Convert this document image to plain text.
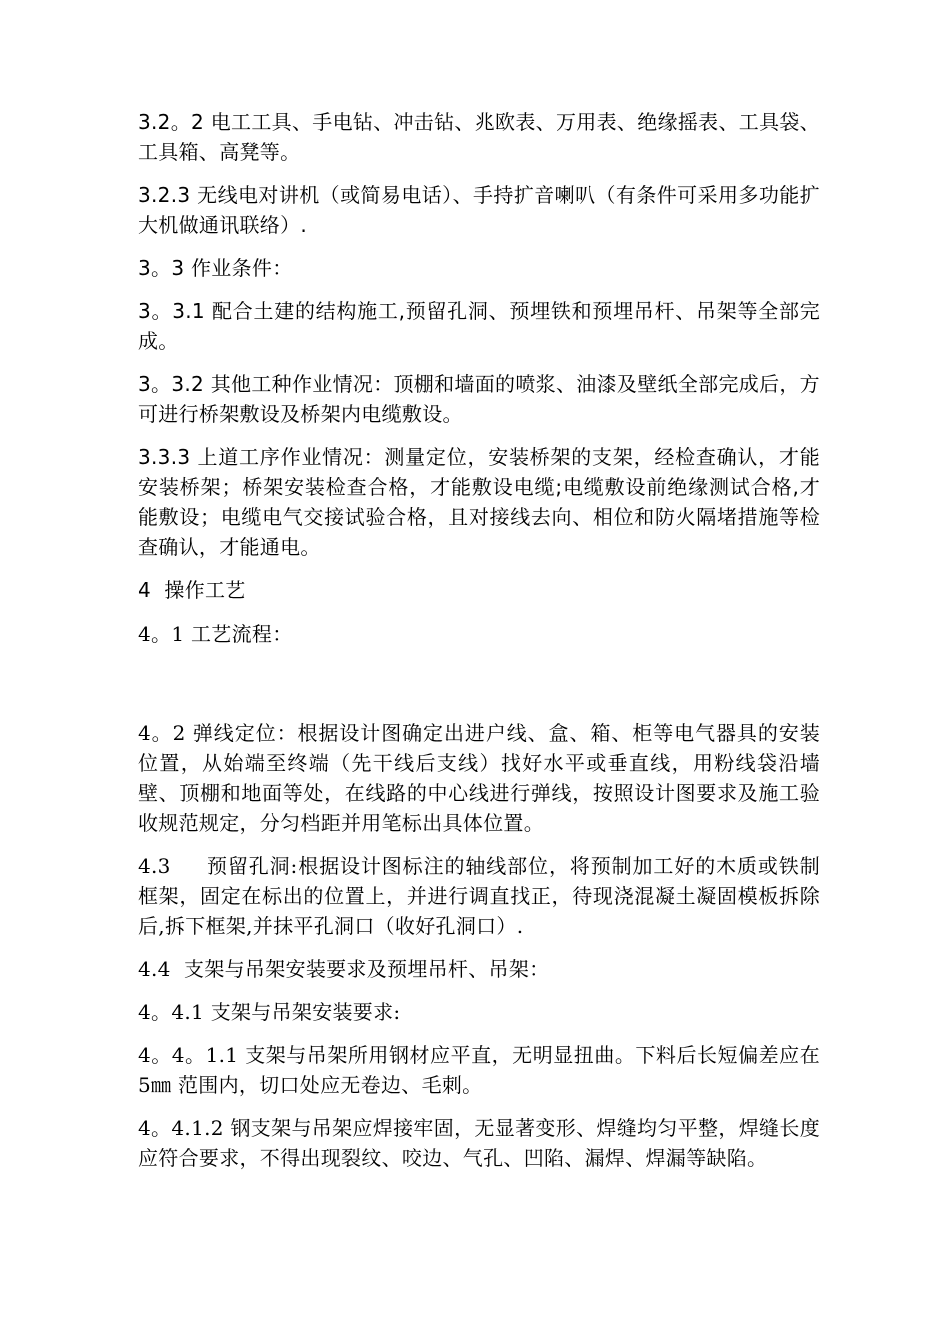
3.2。2 电工工具、手电钻、冲击钻、兆欧表、万用表、绝缘摇表、工具袋、工具箱、高凳等。

3.2.3 无线电对讲机（或简易电话）、手持扩音喇叭（有条件可采用多功能扩大机做通讯联络）.

3。3 作业条件：

3。3.1 配合土建的结构施工,预留孔洞、预埋铁和预埋吊杆、吊架等全部完成。

3。3.2 其他工种作业情况：顶棚和墙面的喷浆、油漆及壁纸全部完成后，方可进行桥架敷设及桥架内电缆敷设。

3.3.3 上道工序作业情况：测量定位，安装桥架的支架，经检查确认，才能安装桥架；桥架安装检查合格，才能敷设电缆;电缆敷设前绝缘测试合格,才能敷设；电缆电气交接试验合格，且对接线去向、相位和防火隔堵措施等检查确认，才能通电。

4  操作工艺

4。1 工艺流程：

4。2 弹线定位：根据设计图确定出进户线、盒、箱、柜等电气器具的安装位置，从始端至终端（先干线后支线）找好水平或垂直线，用粉线袋沿墙壁、顶棚和地面等处，在线路的中心线进行弹线，按照设计图要求及施工验收规范规定，分匀档距并用笔标出具体位置。

4.3     预留孔洞:根据设计图标注的轴线部位，将预制加工好的木质或铁制框架，固定在标出的位置上，并进行调直找正，待现浇混凝土凝固模板拆除后,拆下框架,并抹平孔洞口（收好孔洞口）.

4.4  支架与吊架安装要求及预埋吊杆、吊架：

4。4.1 支架与吊架安装要求:

4。4。1.1 支架与吊架所用钢材应平直，无明显扭曲。下料后长短偏差应在 5㎜ 范围内，切口处应无卷边、毛刺。

4。4.1.2 钢支架与吊架应焊接牢固，无显著变形、焊缝均匀平整，焊缝长度应符合要求，不得出现裂纹、咬边、气孔、凹陷、漏焊、焊漏等缺陷。
